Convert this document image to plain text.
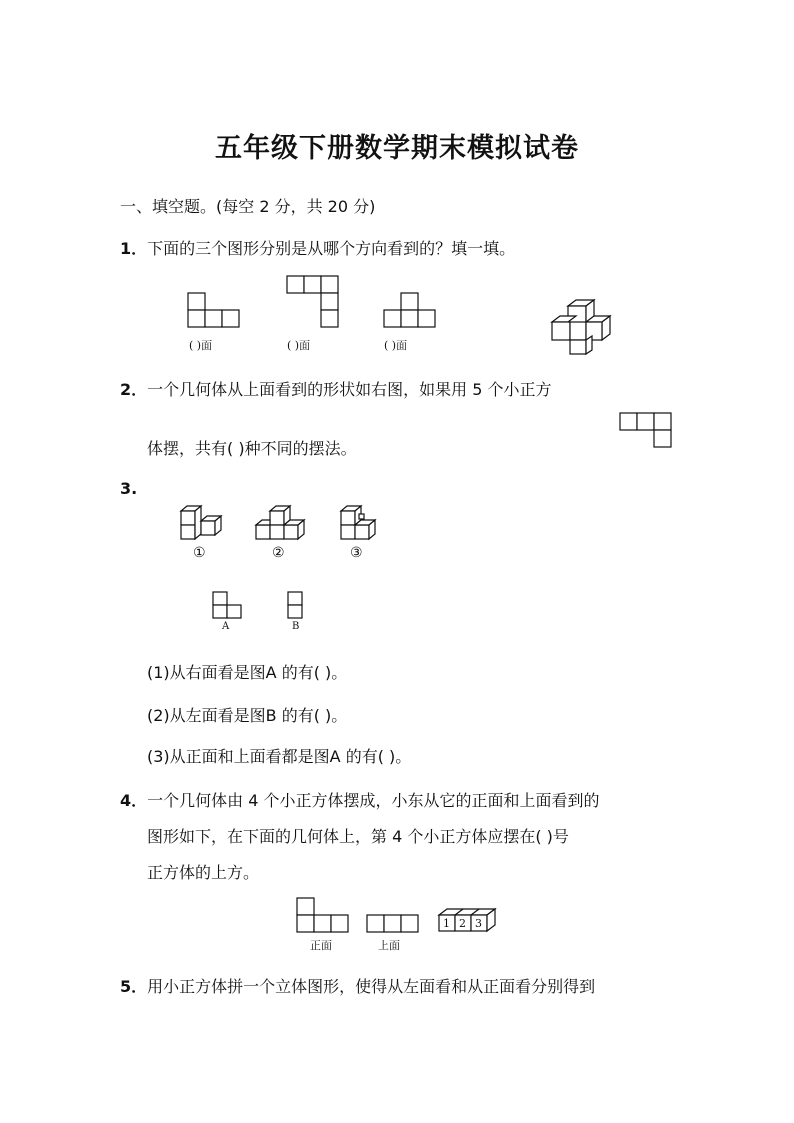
五年级下册数学期末模拟试卷
一、填空题。(每空 2 分，共 20 分)
1．下面的三个图形分别是从哪个方向看到的？填一填。
( )面	( )面	( )面
2．一个几何体从上面看到的形状如右图，如果用 5 个小正方
体摆，共有( )种不同的摆法。
3.
①	②	③
A	B
(1)从右面看是图A 的有( )。
(2)从左面看是图B 的有( )。
(3)从正面和上面看都是图A 的有( )。
4．一个几何体由 4 个小正方体摆成，小东从它的正面和上面看到的
图形如下，在下面的几何体上，第 4 个小正方体应摆在( )号
正方体的上方。
1 2 3
正面	上面
5．用小正方体拼一个立体图形，使得从左面看和从正面看分别得到
